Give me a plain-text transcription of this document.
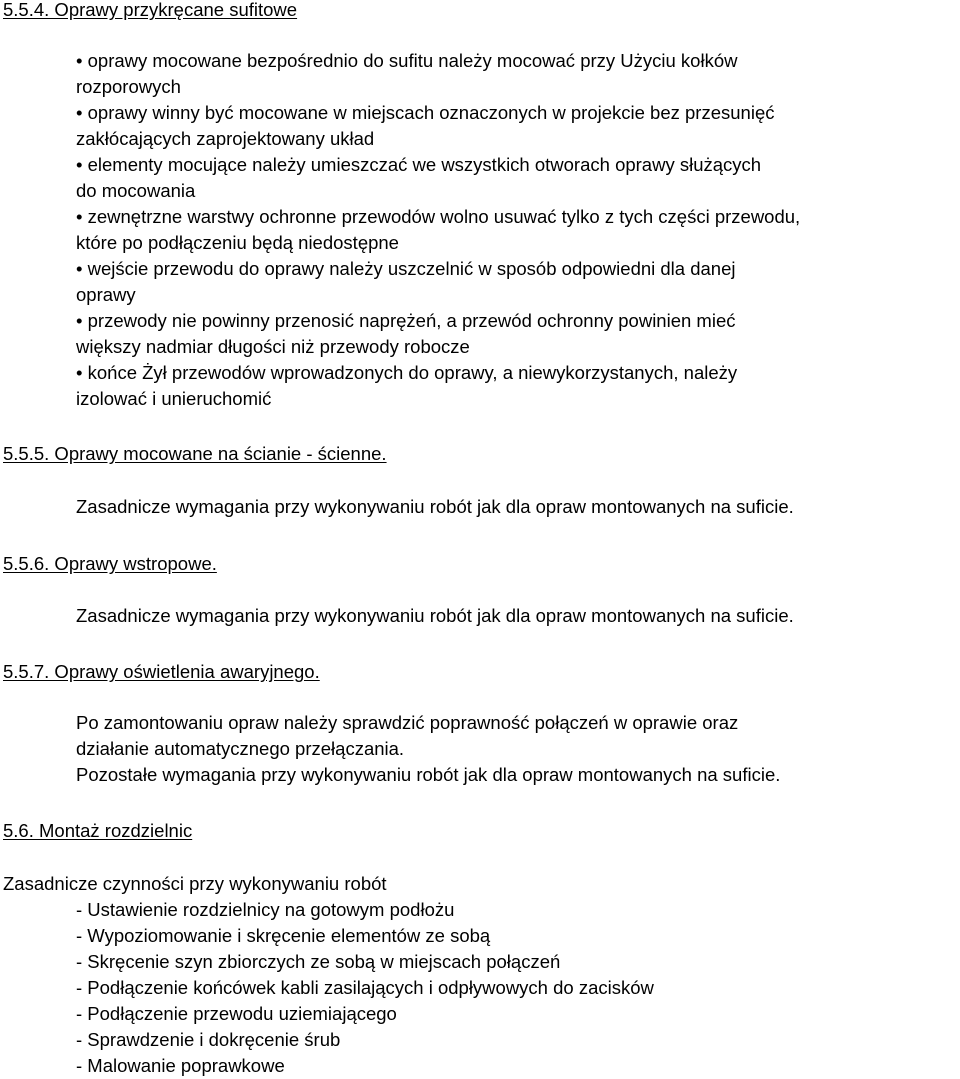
5.5.4. Oprawy przykręcane sufitowe
• oprawy mocowane bezpośrednio do sufitu należy mocować przy Użyciu kołków
rozporowych
• oprawy winny być mocowane w miejscach oznaczonych w projekcie bez przesunięć
zakłócających zaprojektowany układ
• elementy mocujące należy umieszczać we wszystkich otworach oprawy służących
do mocowania
• zewnętrzne warstwy ochronne przewodów wolno usuwać tylko z tych części przewodu,
które po podłączeniu będą niedostępne
• wejście przewodu do oprawy należy uszczelnić w sposób odpowiedni dla danej
oprawy
• przewody nie powinny przenosić naprężeń, a przewód ochronny powinien mieć
większy nadmiar długości niż przewody robocze
• końce Żył przewodów wprowadzonych do oprawy, a niewykorzystanych, należy
izolować i unieruchomić
5.5.5. Oprawy mocowane na ścianie - ścienne.
Zasadnicze wymagania przy wykonywaniu robót jak dla opraw montowanych na suficie.
5.5.6. Oprawy wstropowe.
Zasadnicze wymagania przy wykonywaniu robót jak dla opraw montowanych na suficie.
5.5.7. Oprawy oświetlenia awaryjnego.
Po zamontowaniu opraw należy sprawdzić poprawność połączeń w oprawie oraz
działanie automatycznego przełączania.
Pozostałe wymagania przy wykonywaniu robót jak dla opraw montowanych na suficie.
5.6. Montaż rozdzielnic
Zasadnicze czynności przy wykonywaniu robót
- Ustawienie rozdzielnicy na gotowym podłożu
- Wypoziomowanie i skręcenie elementów ze sobą
- Skręcenie szyn zbiorczych ze sobą w miejscach połączeń
- Podłączenie końcówek kabli zasilających i odpływowych do zacisków
- Podłączenie przewodu uziemiającego
- Sprawdzenie i dokręcenie śrub
- Malowanie poprawkowe
